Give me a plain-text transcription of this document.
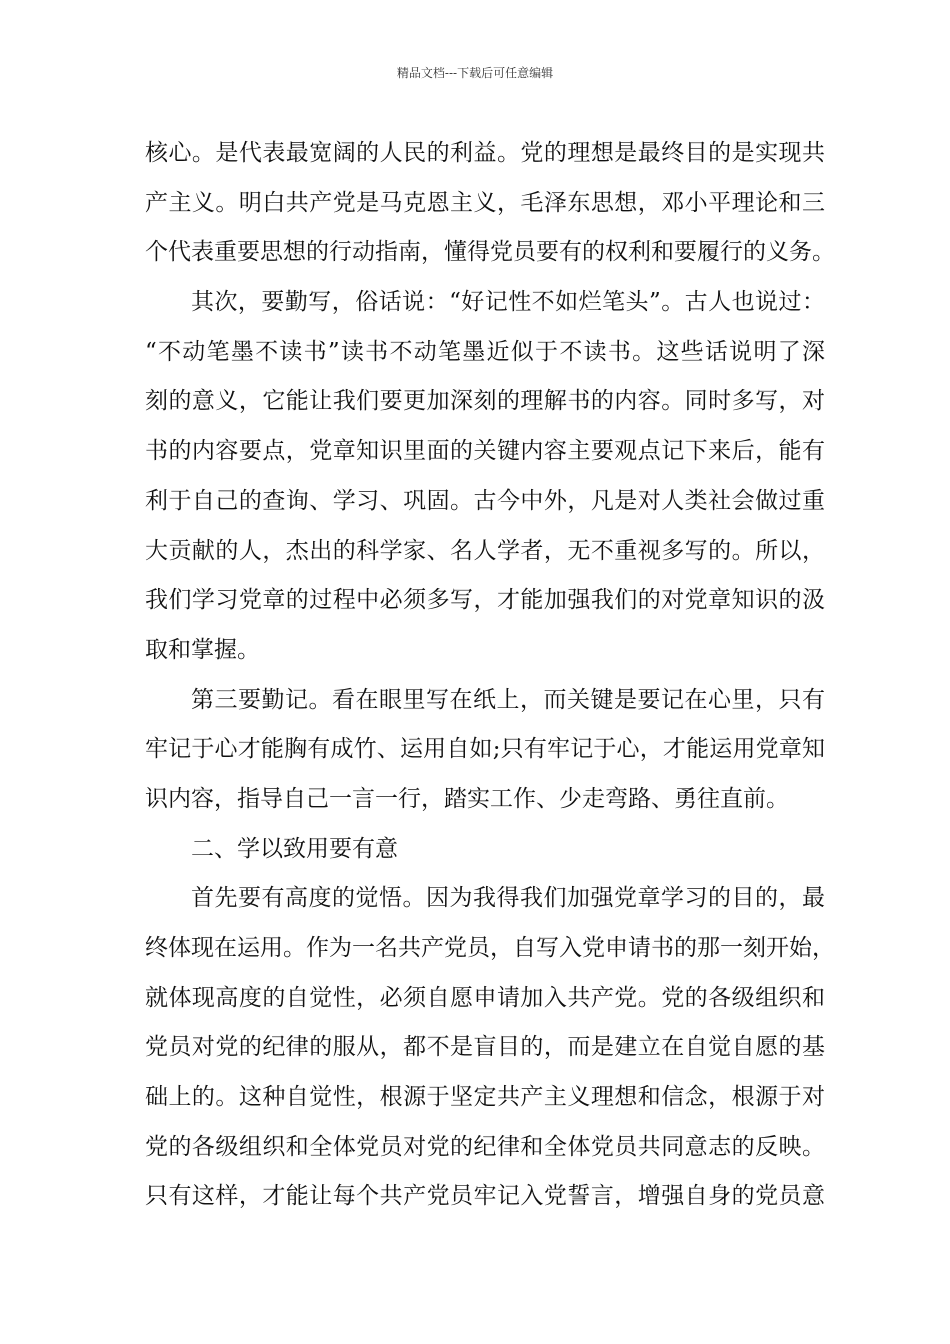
精品文档---下载后可任意编辑
核心。是代表最宽阔的人民的利益。党的理想是最终目的是实现共
产主义。明白共产党是马克恩主义，毛泽东思想，邓小平理论和三
个代表重要思想的行动指南，懂得党员要有的权利和要履行的义务。
其次，要勤写，俗话说：“好记性不如烂笔头”。古人也说过：
“不动笔墨不读书”读书不动笔墨近似于不读书。这些话说明了深
刻的意义，它能让我们要更加深刻的理解书的内容。同时多写，对
书的内容要点，党章知识里面的关键内容主要观点记下来后，能有
利于自己的查询、学习、巩固。古今中外，凡是对人类社会做过重
大贡献的人，杰出的科学家、名人学者，无不重视多写的。所以，
我们学习党章的过程中必须多写，才能加强我们的对党章知识的汲
取和掌握。
第三要勤记。看在眼里写在纸上，而关键是要记在心里，只有
牢记于心才能胸有成竹、运用自如;只有牢记于心，才能运用党章知
识内容，指导自己一言一行，踏实工作、少走弯路、勇往直前。
二、学以致用要有意
首先要有高度的觉悟。因为我得我们加强党章学习的目的，最
终体现在运用。作为一名共产党员，自写入党申请书的那一刻开始，
就体现高度的自觉性，必须自愿申请加入共产党。党的各级组织和
党员对党的纪律的服从，都不是盲目的，而是建立在自觉自愿的基
础上的。这种自觉性，根源于坚定共产主义理想和信念，根源于对
党的各级组织和全体党员对党的纪律和全体党员共同意志的反映。
只有这样，才能让每个共产党员牢记入党誓言，增强自身的党员意
